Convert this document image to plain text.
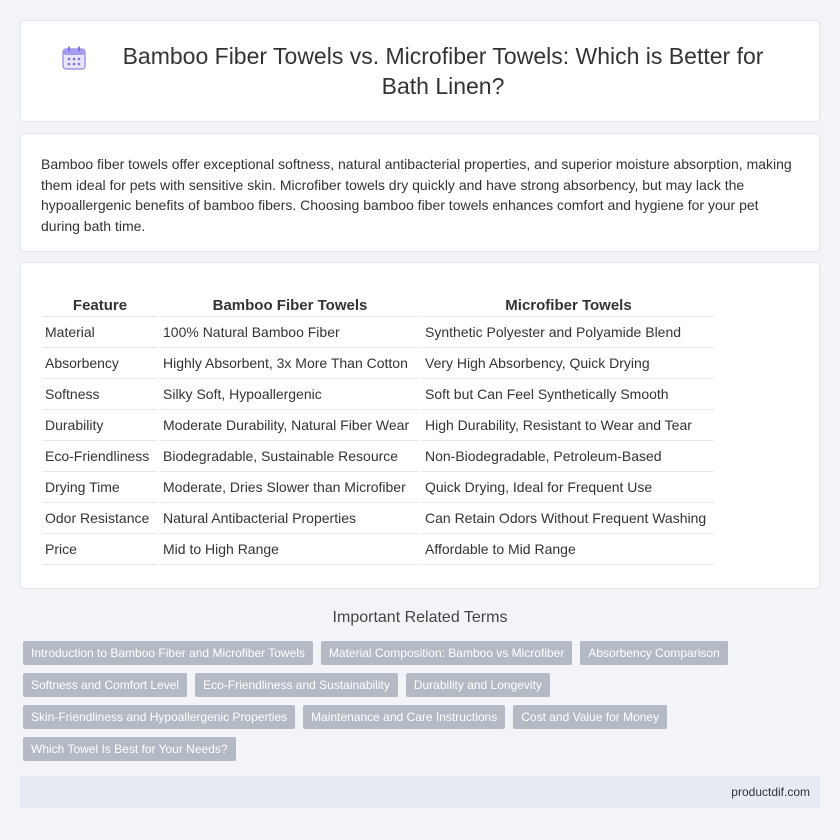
Bamboo Fiber Towels vs. Microfiber Towels: Which is Better for Bath Linen?

Bamboo fiber towels offer exceptional softness, natural antibacterial properties, and superior moisture absorption, making them ideal for pets with sensitive skin. Microfiber towels dry quickly and have strong absorbency, but may lack the hypoallergenic benefits of bamboo fibers. Choosing bamboo fiber towels enhances comfort and hygiene for your pet during bath time.

Feature	Bamboo Fiber Towels	Microfiber Towels
Material	100% Natural Bamboo Fiber	Synthetic Polyester and Polyamide Blend
Absorbency	Highly Absorbent, 3x More Than Cotton	Very High Absorbency, Quick Drying
Softness	Silky Soft, Hypoallergenic	Soft but Can Feel Synthetically Smooth
Durability	Moderate Durability, Natural Fiber Wear	High Durability, Resistant to Wear and Tear
Eco-Friendliness	Biodegradable, Sustainable Resource	Non-Biodegradable, Petroleum-Based
Drying Time	Moderate, Dries Slower than Microfiber	Quick Drying, Ideal for Frequent Use
Odor Resistance	Natural Antibacterial Properties	Can Retain Odors Without Frequent Washing
Price	Mid to High Range	Affordable to Mid Range
Important Related Terms
Introduction to Bamboo Fiber and Microfiber Towels	Material Composition: Bamboo vs Microfiber	Absorbency Comparison
Softness and Comfort Level	Eco-Friendliness and Sustainability	Durability and Longevity
Skin-Friendliness and Hypoallergenic Properties	Maintenance and Care Instructions	Cost and Value for Money
Which Towel Is Best for Your Needs?
productdif.com
